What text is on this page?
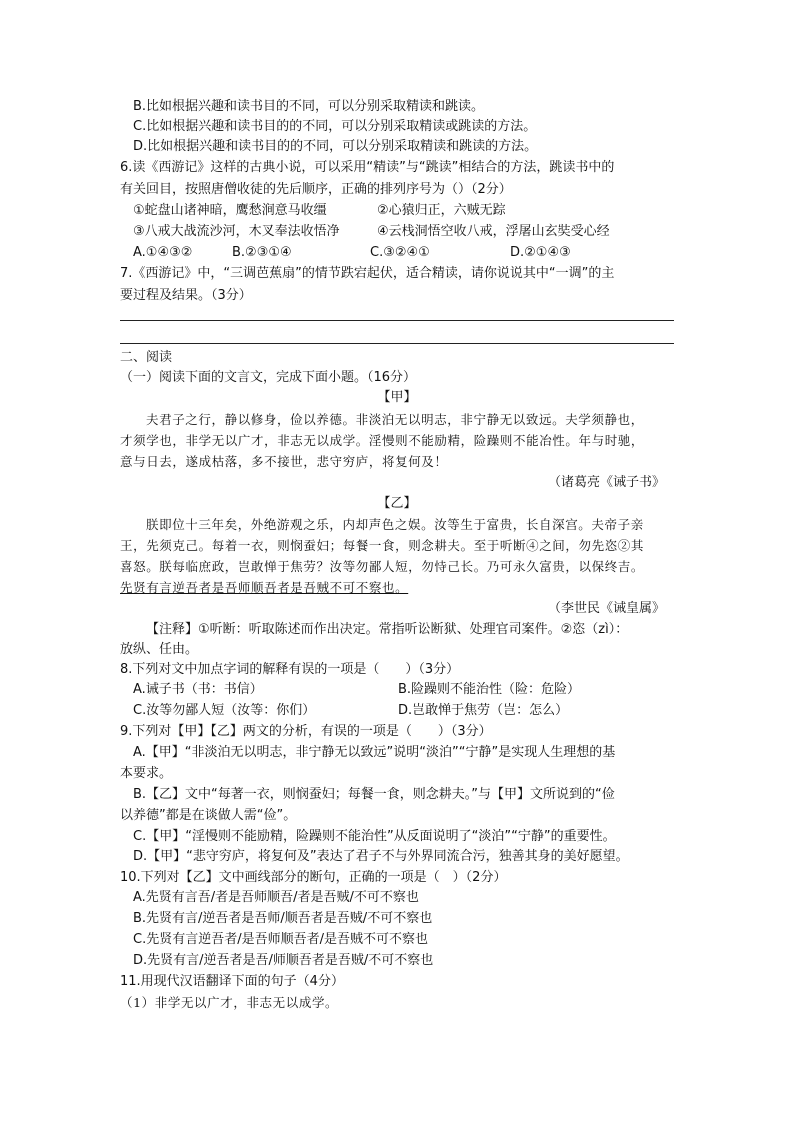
B.比如根据兴趣和读书目的不同，可以分别采取精读和跳读。
C.比如根据兴趣和读书目的的不同，可以分别采取精读或跳读的方法。
D.比如根据兴趣和读书目的的不同，可以分别采取精读和跳读的方法。
6.读《西游记》这样的古典小说，可以采用“精读”与“跳读”相结合的方法，跳读书中的
有关回目，按照唐僧收徒的先后顺序，正确的排列序号为（）（2分）
①蛇盘山诸神暗，鹰愁涧意马收缰	②心猿归正，六贼无踪
③八戒大战流沙河，木叉奉法收悟净	④云栈洞悟空收八戒，浮屠山玄奘受心经
A.①④③②	B.②③①④	C.③②④①	D.②①④③
7.《西游记》中，“三调芭蕉扇”的情节跌宕起伏，适合精读，请你说说其中“一调”的主
要过程及结果。（3分）
二、阅读
（一）阅读下面的文言文，完成下面小题。（16分）
【甲】
夫君子之行，静以修身，俭以养德。非淡泊无以明志，非宁静无以致远。夫学须静也，
才须学也，非学无以广才，非志无以成学。淫慢则不能励精，险躁则不能冶性。年与时驰，
意与日去，遂成枯落，多不接世，悲守穷庐，将复何及！
（诸葛亮《诫子书》
【乙】
朕即位十三年矣，外绝游观之乐，内却声色之娱。汝等生于富贵，长自深宫。夫帝子亲
王，先须克己。每着一衣，则悯蚕妇；每餐一食，则念耕夫。至于听断④之间，勿先恣②其
喜怒。朕每临庶政，岂敢惮于焦劳？汝等勿鄙人短，勿恃己长。乃可永久富贵，以保终吉。
先贤有言逆吾者是吾师顺吾者是吾贼不可不察也。
（李世民《诫皇属》
【注释】①听断：听取陈述而作出决定。常指听讼断狱、处理官司案件。②恣（zì）：
放纵、任由。
8.下列对文中加点字词的解释有误的一项是（　　）（3分）
A.诫子书（书：书信）	B.险躁则不能治性（险：危险）
C.汝等勿鄙人短（汝等：你们）	D.岂敢惮于焦劳（岂：怎么）
9.下列对【甲】【乙】两文的分析，有误的一项是（　　）（3分）
A.【甲】“非淡泊无以明志，非宁静无以致远”说明“淡泊”“宁静”是实现人生理想的基
本要求。
B.【乙】文中“每著一衣，则悯蚕妇；每餐一食，则念耕夫。”与【甲】文所说到的“俭
以养德”都是在谈做人需“俭”。
C.【甲】“淫慢则不能励精，险躁则不能治性”从反面说明了“淡泊”“宁静”的重要性。
D.【甲】“悲守穷庐，将复何及”表达了君子不与外界同流合污，独善其身的美好愿望。
10.下列对【乙】文中画线部分的断句，正确的一项是（　）（2分）
A.先贤有言吾/者是吾师顺吾/者是吾贼/不可不察也
B.先贤有言/逆吾者是吾师/顺吾者是吾贼/不可不察也
C.先贤有言逆吾者/是吾师顺吾者/是吾贼不可不察也
D.先贤有言/逆吾者是吾/师顺吾者是吾贼/不可不察也
11.用现代汉语翻译下面的句子（4分）
（1）非学无以广才，非志无以成学。
